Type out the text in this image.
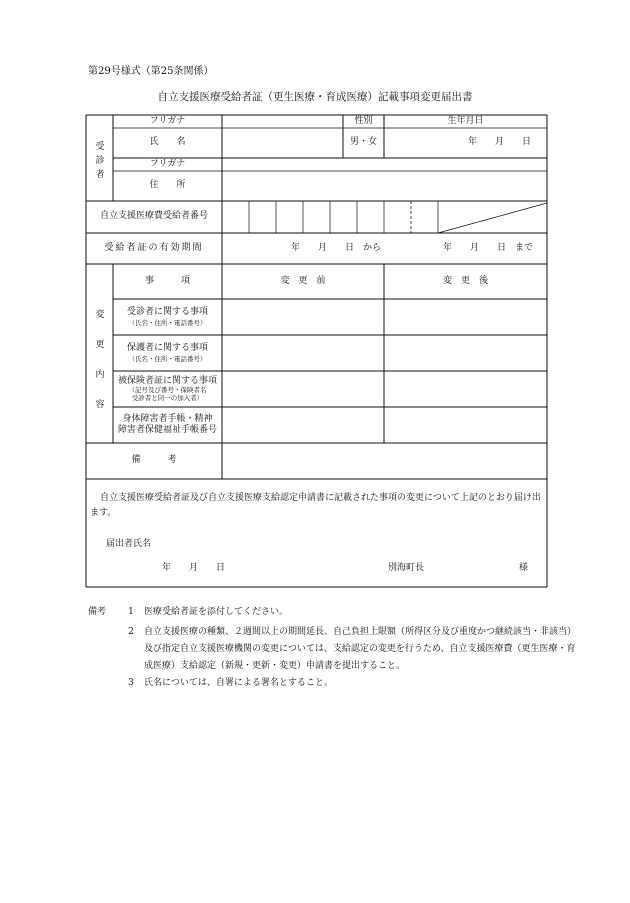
第29号様式（第25条関係）
自立支援医療受給者証（更生医療・育成医療）記載事項変更届出書
受
診
者
フリガナ	性別	生年月日
氏　　名	男・女	年　　月　　日
フリガナ
住　　所
自立支援医療費受給者番号
受給者証の有効期間	年　　月　　日　から	年　　月　　日　まで
変
更
内
容
事　　　項	変　更　前	変　更　後
受診者に関する事項
（氏名・住所・電話番号）
保護者に関する事項
（氏名・住所・電話番号）
被保険者証に関する事項
（記号及び番号・保険者名
受診者と同一の加入者）
身体障害者手帳・精神
障害者保健福祉手帳番号
備　　　考
自立支援医療受給者証及び自立支援医療支給認定申請書に記載された事項の変更について上記のとおり届け出ます。
届出者氏名
年　　月　　日	別海町長	様
備考	1	医療受給者証を添付してください。
2	自立支援医療の種類、２週間以上の期間延長、自己負担上限額（所得区分及び重度かつ継続該当・非該当）及び指定自立支援医療機関の変更については、支給認定の変更を行うため、自立支援医療費（更生医療・育成医療）支給認定（新規・更新・変更）申請書を提出すること。
3	氏名については、自署による署名とすること。
